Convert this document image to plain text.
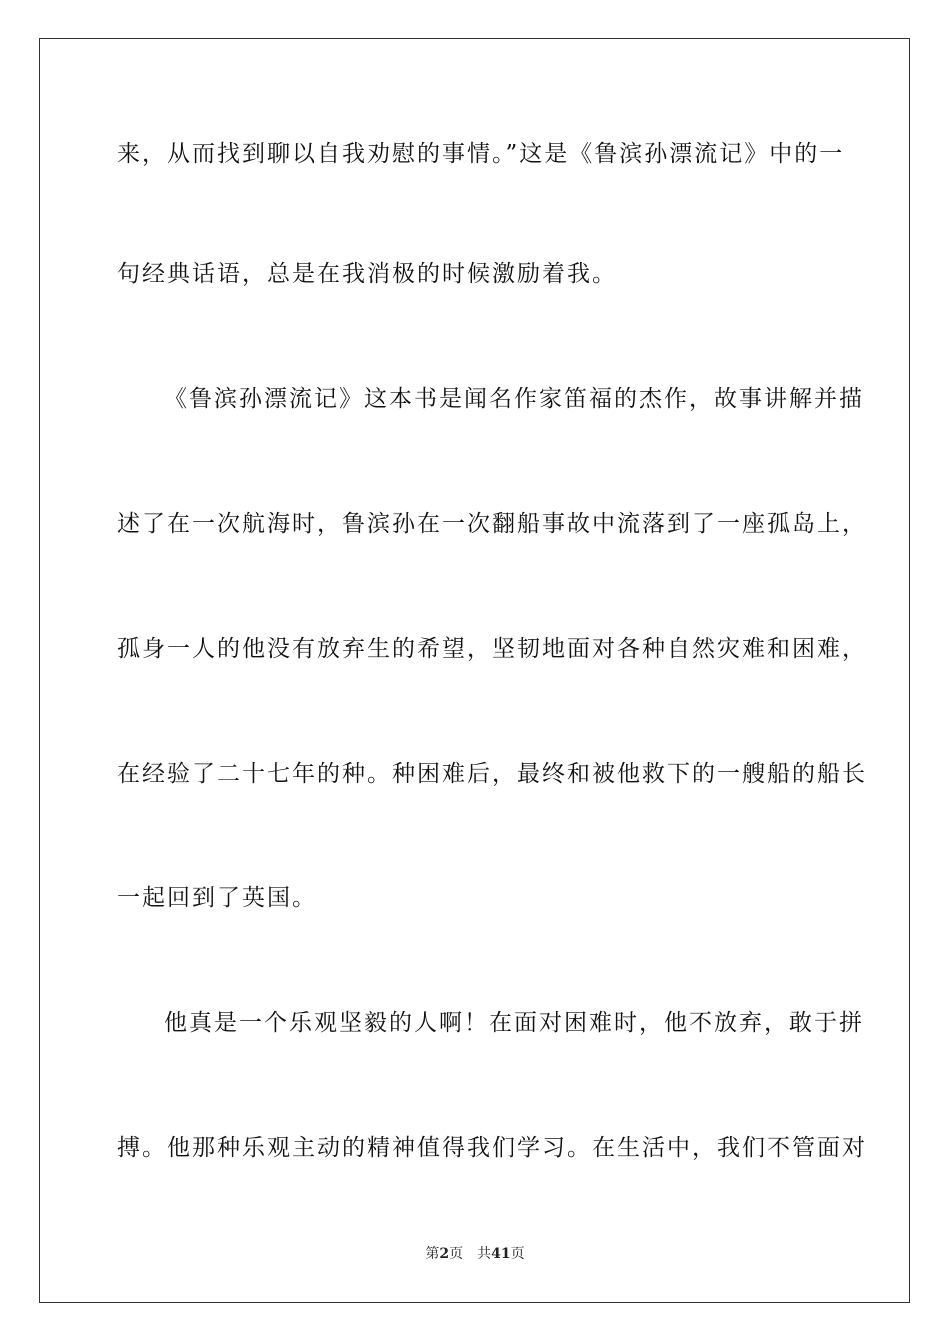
来，从而找到聊以自我劝慰的事情。”这是《鲁滨孙漂流记》中的一
句经典话语，总是在我消极的时候激励着我。
《鲁滨孙漂流记》这本书是闻名作家笛福的杰作，故事讲解并描
述了在一次航海时，鲁滨孙在一次翻船事故中流落到了一座孤岛上，
孤身一人的他没有放弃生的希望，坚韧地面对各种自然灾难和困难，
在经验了二十七年的种。种困难后，最终和被他救下的一艘船的船长
一起回到了英国。
他真是一个乐观坚毅的人啊！在面对困难时，他不放弃，敢于拼
搏。他那种乐观主动的精神值得我们学习。在生活中，我们不管面对
第2页 共41页
